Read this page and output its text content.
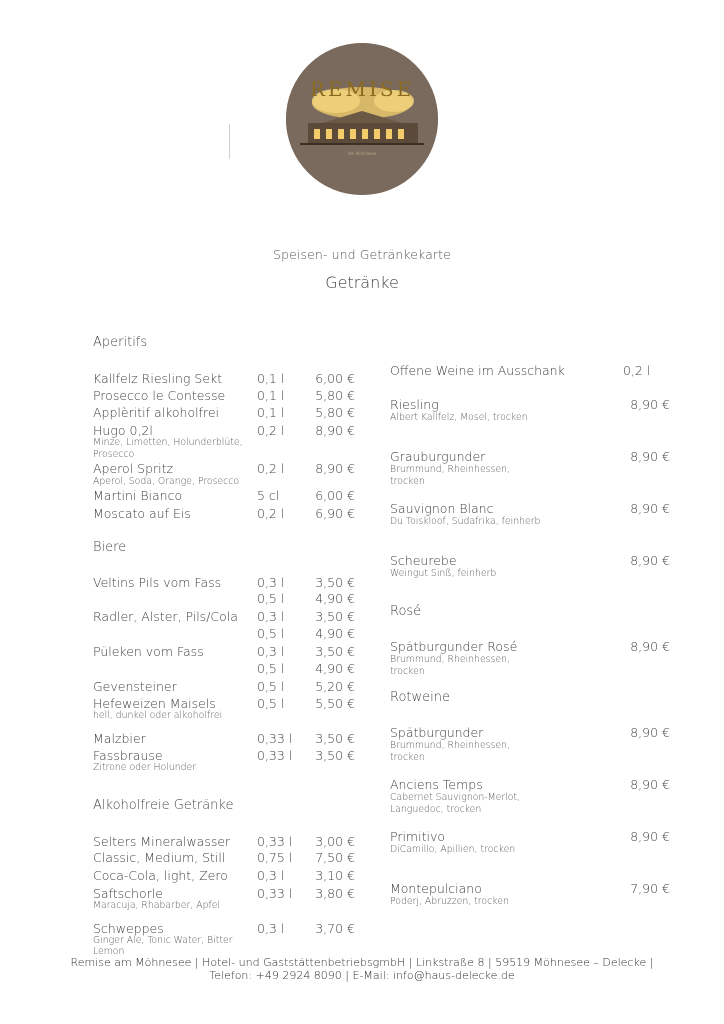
REMISE
Am Möhnesee
Speisen- und Getränkekarte
Getränke
Aperitifs
Kallfelz Riesling Sekt	0,1 l	6,00 €
Prosecco le Contesse	0,1 l	5,80 €
Applèritif alkoholfrei	0,1 l	5,80 €
Hugo 0,2l	0,2 l	8,90 €
Minze, Limetten, Holunderblüte, Prosecco
Aperol Spritz	0,2 l	8,90 €
Aperol, Soda, Orange, Prosecco
Martini Bianco	5 cl	6,00 €
Moscato auf Eis	0,2 l	6,90 €
Biere
Veltins Pils vom Fass	0,3 l	3,50 €
0,5 l	4,90 €
Radler, Alster, Pils/Cola 0,3 l	3,50 €
0,5 l	4,90 €
Püleken vom Fass	0,3 l	3,50 €
0,5 l	4,90 €
Gevensteiner	0,5 l	5,20 €
Hefeweizen Maisels	0,5 l	5,50 €
hell, dunkel oder alkoholfrei
Malzbier	0,33 l	3,50 €
Fassbrause	0,33 l	3,50 €
Zitrone oder Holunder
Alkoholfreie Getränke
Selters Mineralwasser 0,33 l	3,00 €
Classic, Medium, Still	0,75 l	7,50 €
Coca-Cola, light, Zero 0,3 l	3,10 €
Saftschorle	0,33 l	3,80 €
Maracuja, Rhabarber, Apfel
Schweppes	0,3 l	3,70 €
Ginger Ale, Tonic Water, Bitter Lemon
Offene Weine im Ausschank	0,2 l
Riesling	8,90 €
Albert Kallfelz, Mosel, trocken
Grauburgunder	8,90 €
Brummund, Rheinhessen, trocken
Sauvignon Blanc	8,90 €
Du Toiskloof, Südafrika, feinherb
Scheurebe	8,90 €
Weingut Sinß, feinherb
Rosé
Spätburgunder Rosé	8,90 €
Brummund, Rheinhessen, trocken
Rotweine
Spätburgunder	8,90 €
Brummund, Rheinhessen, trocken
Anciens Temps	8,90 €
Cabernet Sauvignon-Merlot, Languedoc, trocken
Primitivo	8,90 €
DiCamillo, Apillien, trocken
Montepulciano	7,90 €
Poderj, Abruzzen, trocken
Remise am Möhnesee | Hotel- und GaststättenbetriebsgmbH | Linkstraße 8 | 59519 Möhnesee – Delecke |
Telefon: +49 2924 8090 | E-Mail: info@haus-delecke.de
